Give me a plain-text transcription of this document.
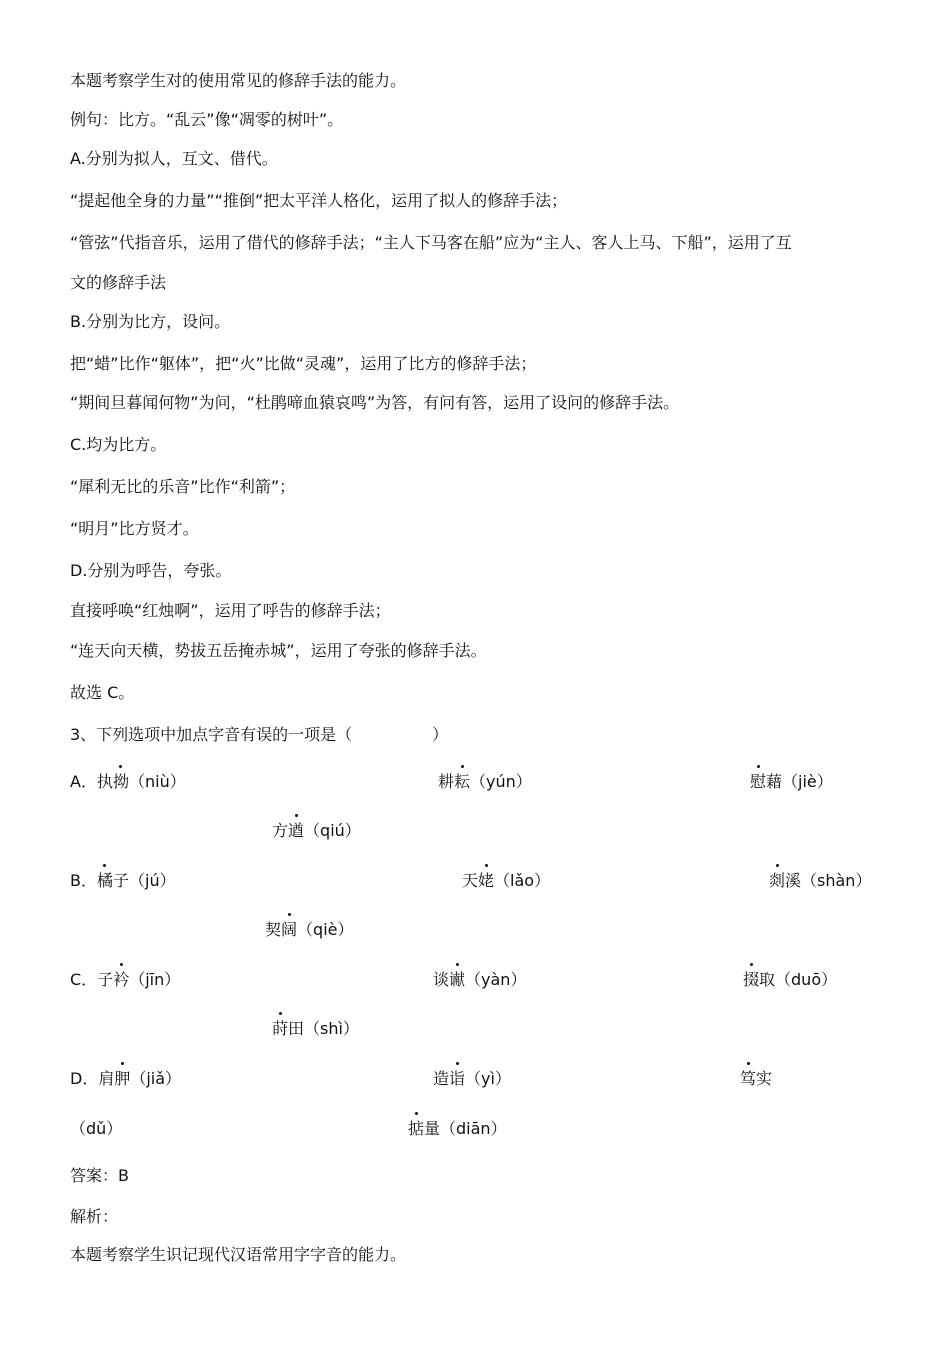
本题考察学生对的使用常见的修辞手法的能力。

例句：比方。“乱云”像“凋零的树叶”。

A.分别为拟人，互文、借代。

“提起他全身的力量”“推倒”把太平洋人格化，运用了拟人的修辞手法；

“管弦”代指音乐，运用了借代的修辞手法；“主人下马客在船”应为“主人、客人上马、下船”，运用了互

文的修辞手法

B.分别为比方，设问。

把“蜡”比作“躯体”，把“火”比做“灵魂”，运用了比方的修辞手法；

“期间旦暮闻何物”为问，“杜鹃啼血猿哀鸣”为答，有问有答，运用了设问的修辞手法。

C.均为比方。

“犀利无比的乐音”比作“利箭”；

“明月”比方贤才。

D.分别为呼告，夸张。

直接呼唤“红烛啊”，运用了呼告的修辞手法；

“连天向天横，势拔五岳掩赤城”，运用了夸张的修辞手法。

故选 C。

3、下列选项中加点字音有误的一项是（　　　　　）

A．执拗（niù）	耕耘（yún）	慰藉（jiè）
方遒（qiú）
B．橘子（jú）	天姥（lǎo）	剡溪（shàn）
契阔（qiè）
C．子衿（jīn）	谈谳（yàn）	掇取（duō）
莳田（shì）
D．肩胛（jiǎ）	造诣（yì）	笃实
（dǔ）	掂量（diān）

答案：B

解析：

本题考察学生识记现代汉语常用字字音的能力。
